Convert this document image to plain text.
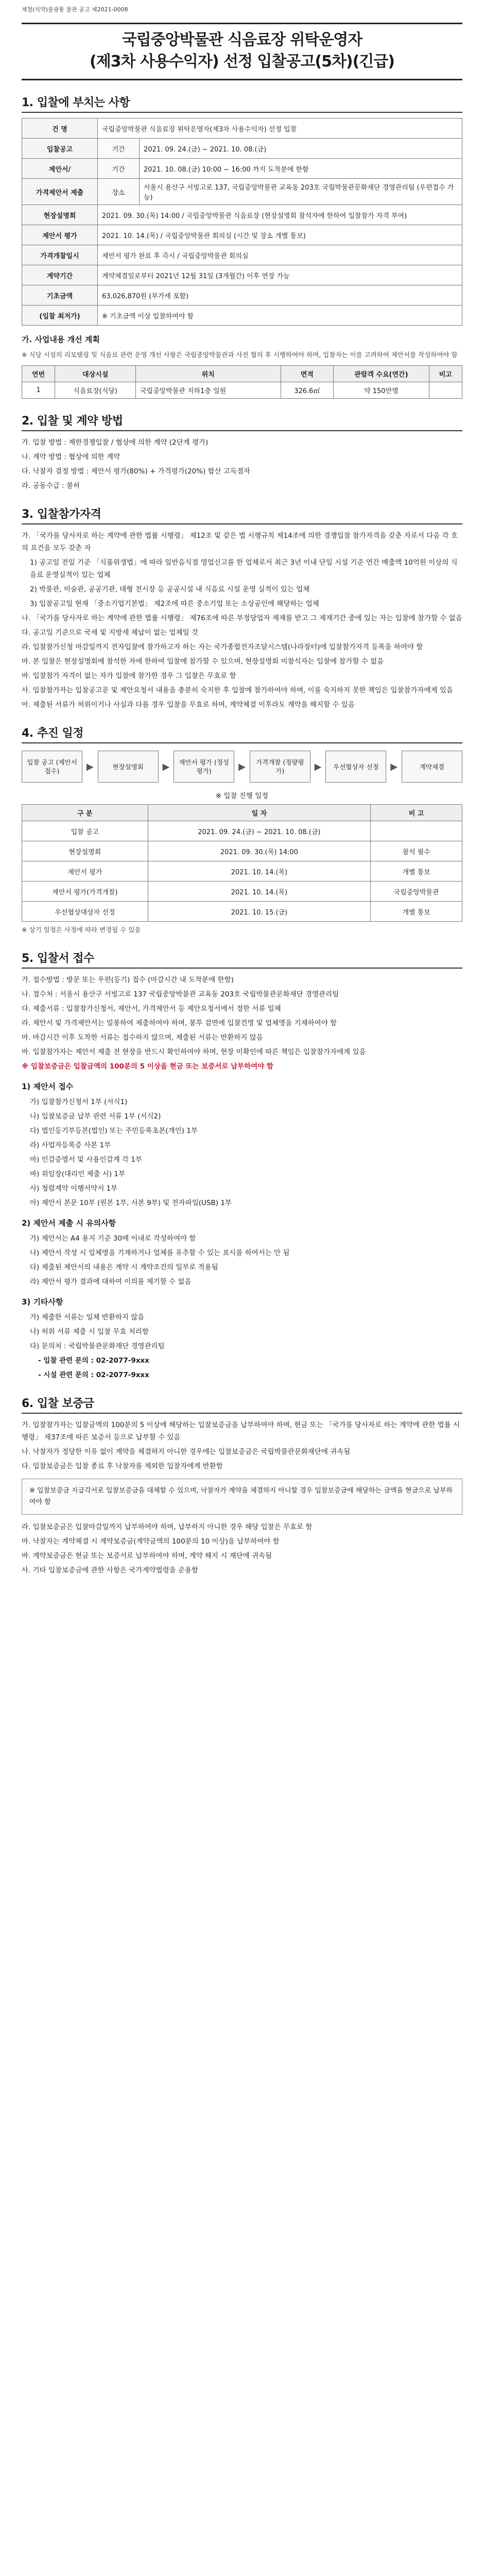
제철(식약)를광통 물관 공고 제2021-0008
국립중앙박물관 식음료장 위탁운영자
(제3차 사용수익자) 선정 입찰공고(5차)(긴급)
1. 입찰에 부치는 사항
건 명	국립중앙박물관 식음료장 위탁운영자(제3차 사용수익자) 선정 입찰	
입찰공고	기간	2021. 09. 24.(금) ~ 2021. 10. 08.(금)
제안서/	기간	2021. 10. 08.(금) 10:00 ~ 16:00 까지 도착분에 한함
가격제안서 제출	장소	서울시 용산구 서빙고로 137, 국립중앙박물관 교육동 203호 국립박물관문화재단 경영관리팀 (우편접수 가능)
현장설명회	2021. 09. 30.(목) 14:00 / 국립중앙박물관 식음료장 (현장설명회 참석자에 한하여 입찰참가 자격 부여)	
제안서 평가	2021. 10. 14.(목) / 국립중앙박물관 회의실 (시간 및 장소 개별 통보)	
가격개찰일시	제안서 평가 완료 후 즉시 / 국립중앙박물관 회의실	
계약기간	계약체결일로부터 2021년 12월 31일 (3개월간) 이후 연장 가능	
기초금액	63,026,870원 (부가세 포함)	
(입찰 최저가)	※ 기초금액 이상 입찰하여야 함	
가. 사업내용 개선 계획
※ 식당 시설의 리모델링 및 식음료 관련 운영 개선 사항은 국립중앙박물관과 사전 협의 후 시행하여야 하며, 입찰자는 이를 고려하여 제안서를 작성하여야 함
연번	대상시설	위치	면적	관람객 수요(연간)	비고
1	식음료장(식당)	국립중앙박물관 지하1층 일원	326.6㎡	약 150만명	
2. 입찰 및 계약 방법
가. 입찰 방법 : 제한경쟁입찰 / 협상에 의한 계약 (2단계 평가)
나. 계약 방법 : 협상에 의한 계약
다. 낙찰자 결정 방법 : 제안서 평가(80%) + 가격평가(20%) 합산 고득점자
라. 공동수급 : 불허
3. 입찰참가자격
가. 「국가를 당사자로 하는 계약에 관한 법률 시행령」 제12조 및 같은 법 시행규칙 제14조에 의한 경쟁입찰 참가자격을 갖춘 자로서 다음 각 호의 요건을 모두 갖춘 자
1) 공고일 전일 기준 「식품위생법」에 따라 일반음식점 영업신고를 한 업체로서 최근 3년 이내 단일 시설 기준 연간 매출액 10억원 이상의 식음료 운영실적이 있는 업체
2) 박물관, 미술관, 공공기관, 대형 전시장 등 공공시설 내 식음료 시설 운영 실적이 있는 업체
3) 입찰공고일 현재 「중소기업기본법」 제2조에 따른 중소기업 또는 소상공인에 해당하는 업체
나. 「국가를 당사자로 하는 계약에 관한 법률 시행령」 제76조에 따른 부정당업자 제재를 받고 그 제재기간 중에 있는 자는 입찰에 참가할 수 없음
다. 공고일 기준으로 국세 및 지방세 체납이 없는 업체일 것
라. 입찰참가신청 마감일까지 전자입찰에 참가하고자 하는 자는 국가종합전자조달시스템(나라장터)에 입찰참가자격 등록을 하여야 함
마. 본 입찰은 현장설명회에 참석한 자에 한하여 입찰에 참가할 수 있으며, 현장설명회 미참석자는 입찰에 참가할 수 없음
바. 입찰참가 자격이 없는 자가 입찰에 참가한 경우 그 입찰은 무효로 함
사. 입찰참가자는 입찰공고문 및 제안요청서 내용을 충분히 숙지한 후 입찰에 참가하여야 하며, 이를 숙지하지 못한 책임은 입찰참가자에게 있음
아. 제출된 서류가 허위이거나 사실과 다를 경우 입찰을 무효로 하며, 계약체결 이후라도 계약을 해지할 수 있음
4. 추진 일정
입찰 공고 (제안서 접수)	▶	현장설명회	▶	제안서 평가 (정성평가)	▶	가격개찰 (정량평가)	▶	우선협상자 선정	▶	계약체결
※ 입찰 진행 일정
구 분	일 자	비 고
입찰 공고	2021. 09. 24.(금) ~ 2021. 10. 08.(금)	
현장설명회	2021. 09. 30.(목) 14:00	참석 필수
제안서 평가	2021. 10. 14.(목)	개별 통보
제안서 평가(가격개찰)	2021. 10. 14.(목)	국립중앙박물관
우선협상대상자 선정	2021. 10. 15.(금)	개별 통보
※ 상기 일정은 사정에 따라 변경될 수 있음
5. 입찰서 접수
가. 접수방법 : 방문 또는 우편(등기) 접수 (마감시간 내 도착분에 한함)
나. 접수처 : 서울시 용산구 서빙고로 137 국립중앙박물관 교육동 203호 국립박물관문화재단 경영관리팀
다. 제출서류 : 입찰참가신청서, 제안서, 가격제안서 등 제안요청서에서 정한 서류 일체
라. 제안서 및 가격제안서는 밀봉하여 제출하여야 하며, 봉투 겉면에 입찰건명 및 업체명을 기재하여야 함
마. 마감시간 이후 도착한 서류는 접수하지 않으며, 제출된 서류는 반환하지 않음
바. 입찰참가자는 제안서 제출 전 현장을 반드시 확인하여야 하며, 현장 미확인에 따른 책임은 입찰참가자에게 있음
※ 입찰보증금은 입찰금액의 100분의 5 이상을 현금 또는 보증서로 납부하여야 함
1) 제안서 접수
가) 입찰참가신청서 1부 (서식1)
나) 입찰보증금 납부 관련 서류 1부 (서식2)
다) 법인등기부등본(법인) 또는 주민등록초본(개인) 1부
라) 사업자등록증 사본 1부
마) 인감증명서 및 사용인감계 각 1부
바) 위임장(대리인 제출 시) 1부
사) 청렴계약 이행서약서 1부
아) 제안서 본문 10부 (원본 1부, 사본 9부) 및 전자파일(USB) 1부
2) 제안서 제출 시 유의사항
가) 제안서는 A4 용지 기준 30매 이내로 작성하여야 함
나) 제안서 작성 시 업체명을 기재하거나 업체를 유추할 수 있는 표시를 하여서는 안 됨
다) 제출된 제안서의 내용은 계약 시 계약조건의 일부로 적용됨
라) 제안서 평가 결과에 대하여 이의를 제기할 수 없음
3) 기타사항
가) 제출한 서류는 일체 반환하지 않음
나) 허위 서류 제출 시 입찰 무효 처리함
다) 문의처 : 국립박물관문화재단 경영관리팀
- 입찰 관련 문의 : 02-2077-9xxx
- 시설 관련 문의 : 02-2077-9xxx
6. 입찰 보증금
가. 입찰참가자는 입찰금액의 100분의 5 이상에 해당하는 입찰보증금을 납부하여야 하며, 현금 또는 「국가를 당사자로 하는 계약에 관한 법률 시행령」 제37조에 따른 보증서 등으로 납부할 수 있음
나. 낙찰자가 정당한 이유 없이 계약을 체결하지 아니한 경우에는 입찰보증금은 국립박물관문화재단에 귀속됨
다. 입찰보증금은 입찰 종료 후 낙찰자를 제외한 입찰자에게 반환함
※ 입찰보증금 지급각서로 입찰보증금을 대체할 수 있으며, 낙찰자가 계약을 체결하지 아니할 경우 입찰보증금에 해당하는 금액을 현금으로 납부하여야 함
라. 입찰보증금은 입찰마감일까지 납부하여야 하며, 납부하지 아니한 경우 해당 입찰은 무효로 함
마. 낙찰자는 계약체결 시 계약보증금(계약금액의 100분의 10 이상)을 납부하여야 함
바. 계약보증금은 현금 또는 보증서로 납부하여야 하며, 계약 해지 시 재단에 귀속됨
사. 기타 입찰보증금에 관한 사항은 국가계약법령을 준용함
